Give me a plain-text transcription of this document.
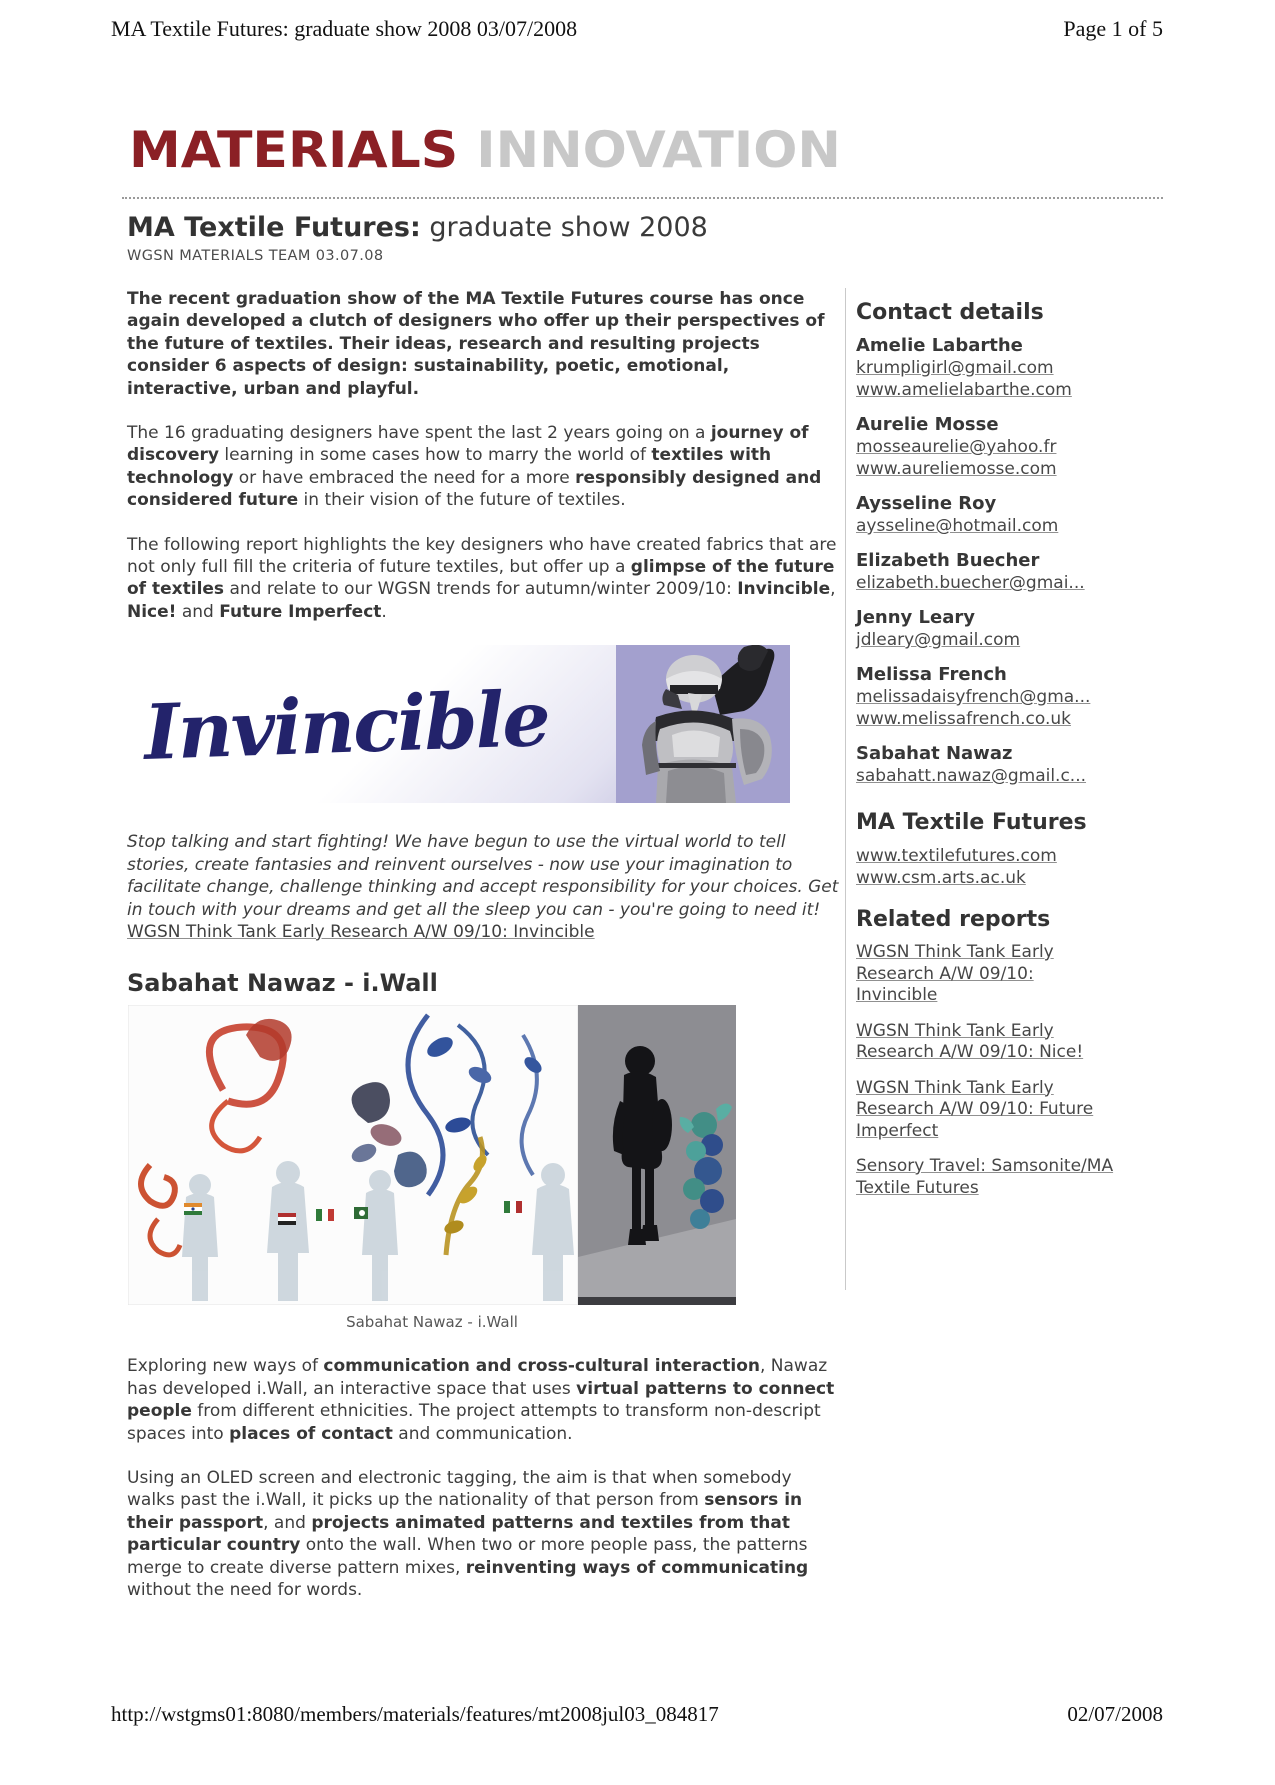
MA Textile Futures: graduate show 2008 03/07/2008	Page 1 of 5
MATERIALS INNOVATION
MA Textile Futures: graduate show 2008
WGSN MATERIALS TEAM 03.07.08

The recent graduation show of the MA Textile Futures course has once again developed a clutch of designers who offer up their perspectives of the future of textiles. Their ideas, research and resulting projects consider 6 aspects of design: sustainability, poetic, emotional, interactive, urban and playful.

The 16 graduating designers have spent the last 2 years going on a journey of discovery learning in some cases how to marry the world of textiles with technology or have embraced the need for a more responsibly designed and considered future in their vision of the future of textiles.

The following report highlights the key designers who have created fabrics that are not only full fill the criteria of future textiles, but offer up a glimpse of the future of textiles and relate to our WGSN trends for autumn/winter 2009/10: Invincible, Nice! and Future Imperfect.

Invincible

Stop talking and start fighting! We have begun to use the virtual world to tell stories, create fantasies and reinvent ourselves - now use your imagination to facilitate change, challenge thinking and accept responsibility for your choices. Get in touch with your dreams and get all the sleep you can - you're going to need it!

WGSN Think Tank Early Research A/W 09/10: Invincible
Sabahat Nawaz - i.Wall
Sabahat Nawaz - i.Wall

Exploring new ways of communication and cross-cultural interaction, Nawaz has developed i.Wall, an interactive space that uses virtual patterns to connect people from different ethnicities. The project attempts to transform non-descript spaces into places of contact and communication.

Using an OLED screen and electronic tagging, the aim is that when somebody walks past the i.Wall, it picks up the nationality of that person from sensors in their passport, and projects animated patterns and textiles from that particular country onto the wall. When two or more people pass, the patterns merge to create diverse pattern mixes, reinventing ways of communicating without the need for words.

Contact details
Amelie Labarthe
krumpligirl@gmail.com
www.amelielabarthe.com
Aurelie Mosse
mosseaurelie@yahoo.fr
www.aureliemosse.com
Aysseline Roy
aysseline@hotmail.com
Elizabeth Buecher
elizabeth.buecher@gmai...
Jenny Leary
jdleary@gmail.com
Melissa French
melissadaisyfrench@gma...
www.melissafrench.co.uk
Sabahat Nawaz
sabahatt.nawaz@gmail.c...
MA Textile Futures
www.textilefutures.com
www.csm.arts.ac.uk
Related reports
WGSN Think Tank Early Research A/W 09/10: Invincible
WGSN Think Tank Early Research A/W 09/10: Nice!
WGSN Think Tank Early Research A/W 09/10: Future Imperfect
Sensory Travel: Samsonite/MA Textile Futures
http://wstgms01:8080/members/materials/features/mt2008jul03_084817	02/07/2008
